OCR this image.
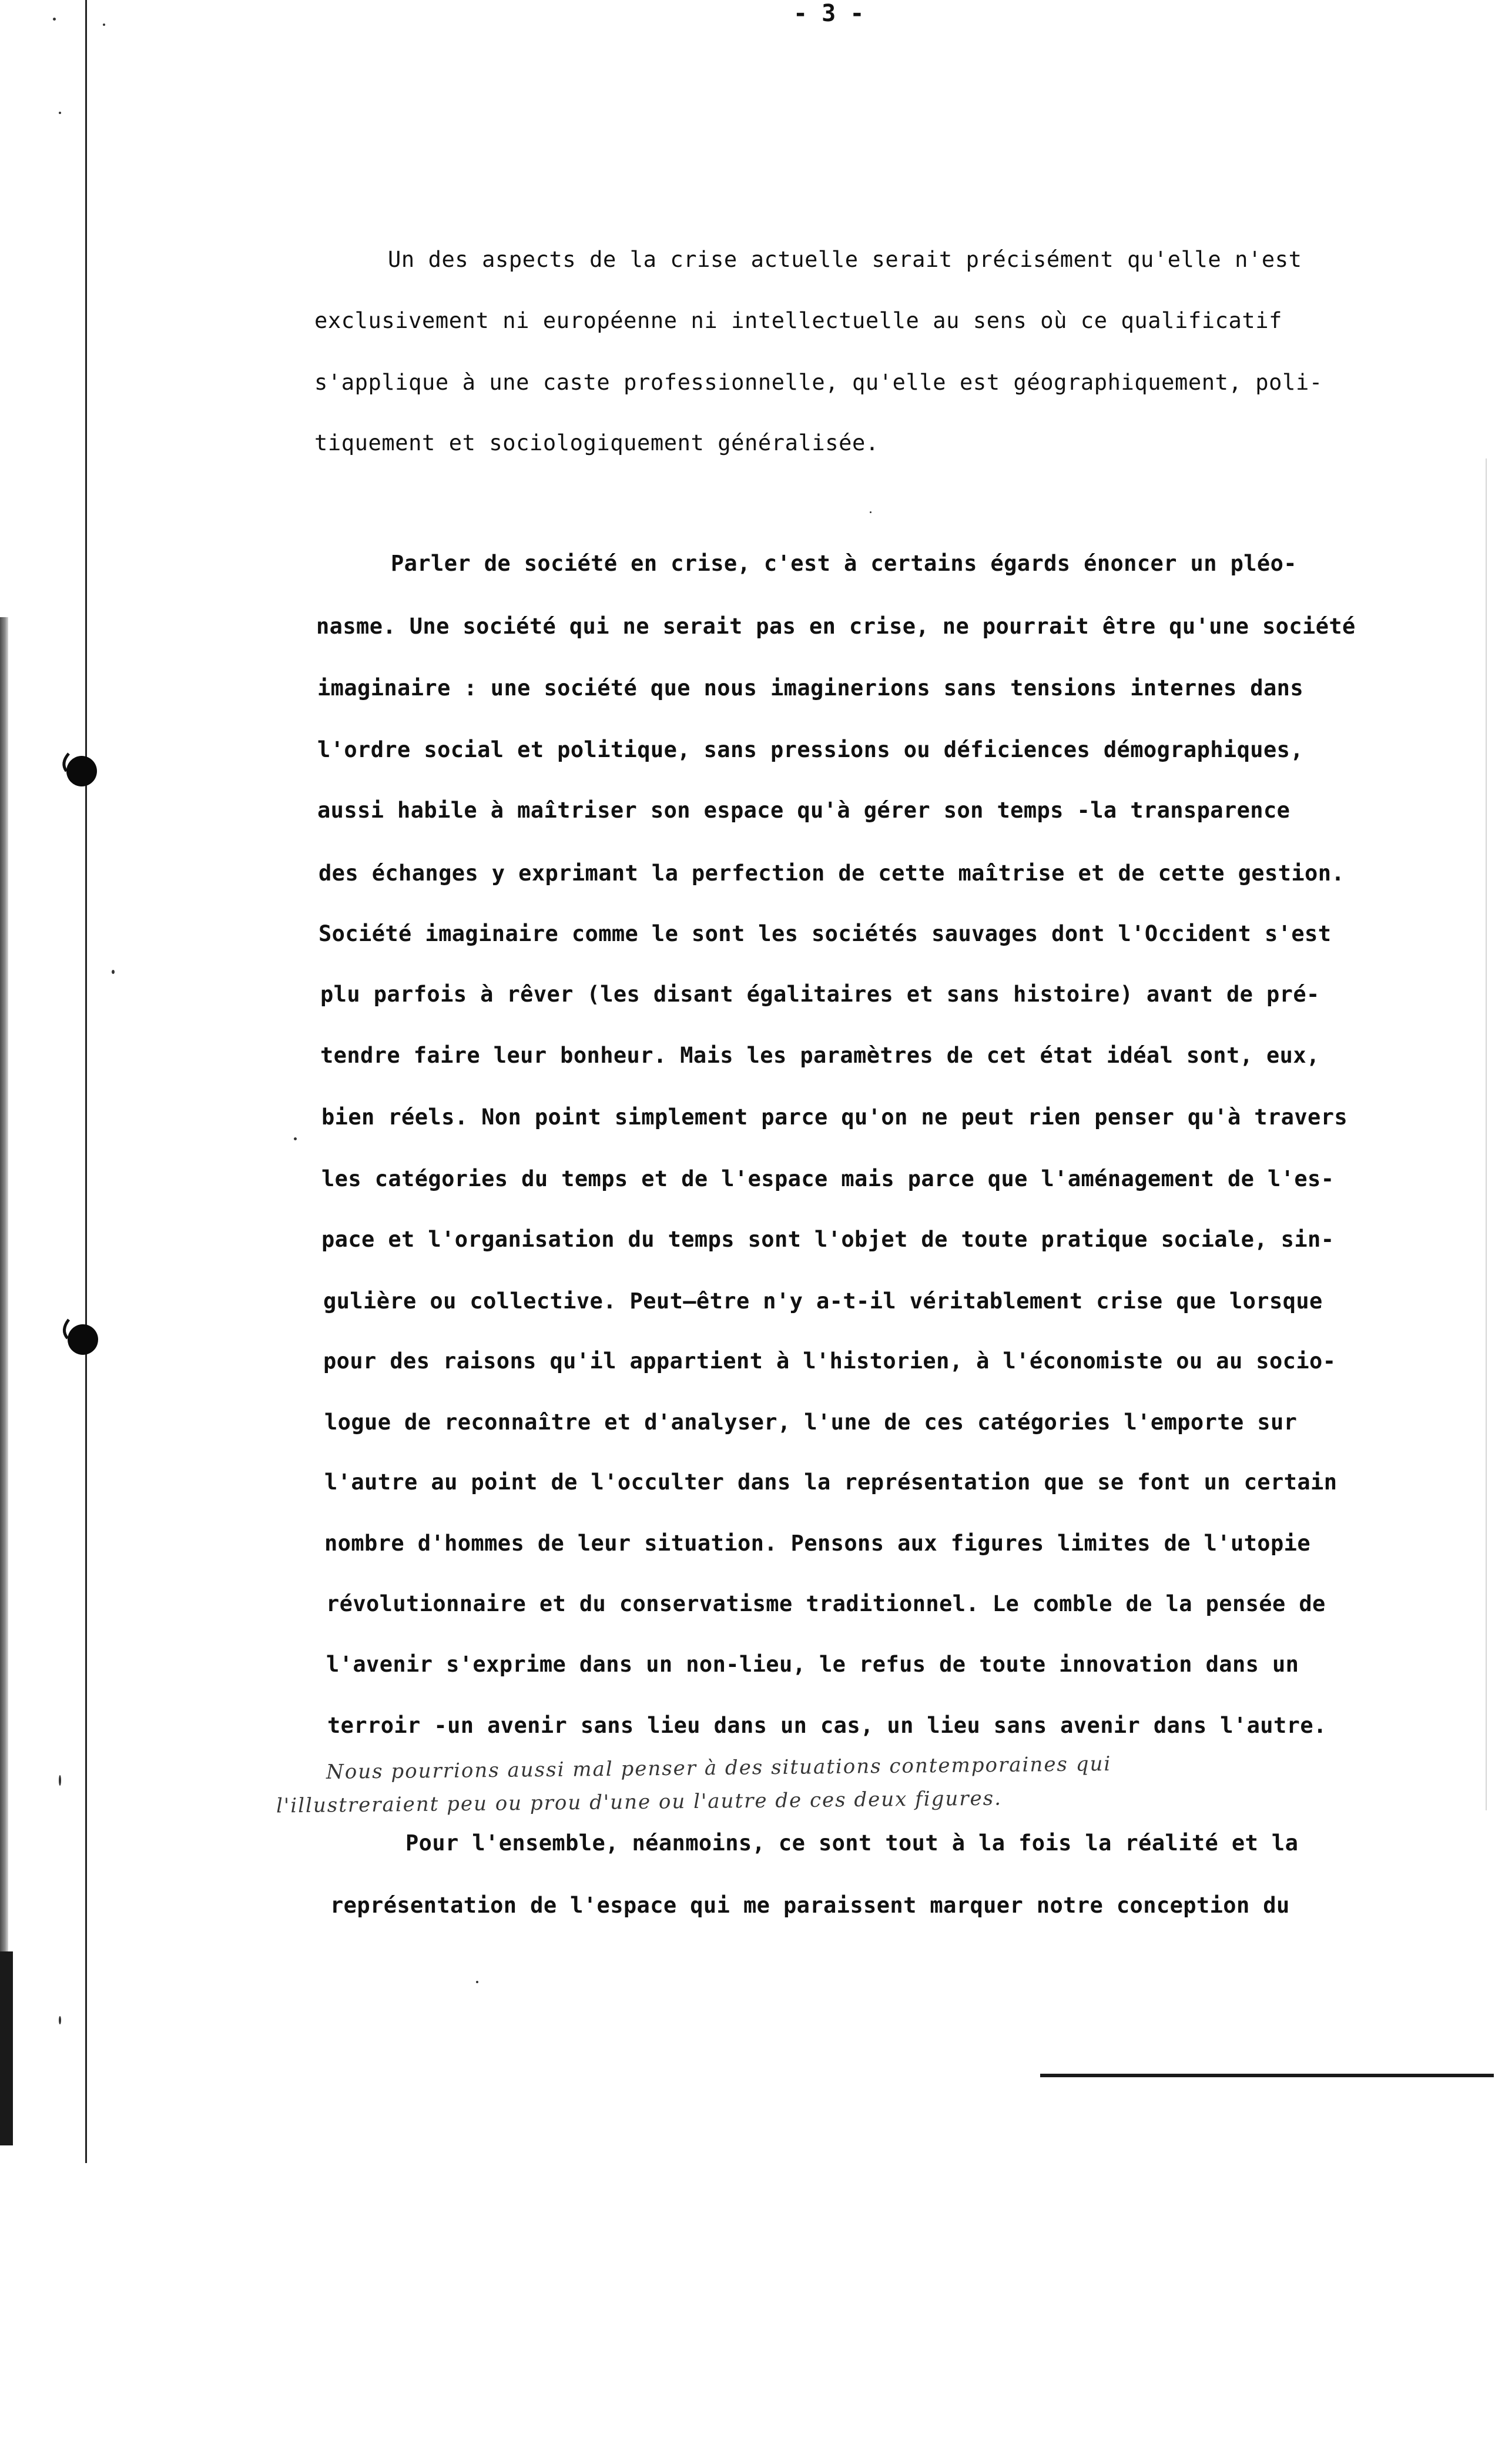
- 3 -
Un des aspects de la crise actuelle serait précisément qu'elle n'est
exclusivement ni européenne ni intellectuelle au sens où ce qualificatif
s'applique à une caste professionnelle, qu'elle est géographiquement, poli-
tiquement et sociologiquement généralisée.
Parler de société en crise, c'est à certains égards énoncer un pléo-
nasme. Une société qui ne serait pas en crise, ne pourrait être qu'une société
imaginaire : une société que nous imaginerions sans tensions internes dans
l'ordre social et politique, sans pressions ou déficiences démographiques,
aussi habile à maîtriser son espace qu'à gérer son temps -la transparence
des échanges y exprimant la perfection de cette maîtrise et de cette gestion.
Société imaginaire comme le sont les sociétés sauvages dont l'Occident s'est
plu parfois à rêver (les disant égalitaires et sans histoire) avant de pré-
tendre faire leur bonheur. Mais les paramètres de cet état idéal sont, eux,
bien réels. Non point simplement parce qu'on ne peut rien penser qu'à travers
les catégories du temps et de l'espace mais parce que l'aménagement de l'es-
pace et l'organisation du temps sont l'objet de toute pratique sociale, sin-
gulière ou collective. Peut—être n'y a-t-il véritablement crise que lorsque
pour des raisons qu'il appartient à l'historien, à l'économiste ou au socio-
logue de reconnaître et d'analyser, l'une de ces catégories l'emporte sur
l'autre au point de l'occulter dans la représentation que se font un certain
nombre d'hommes de leur situation. Pensons aux figures limites de l'utopie
révolutionnaire et du conservatisme traditionnel. Le comble de la pensée de
l'avenir s'exprime dans un non-lieu, le refus de toute innovation dans un
terroir -un avenir sans lieu dans un cas, un lieu sans avenir dans l'autre.
Nous pourrions aussi mal penser à des situations contemporaines qui
l'illustreraient peu ou prou d'une ou l'autre de ces deux figures.
Pour l'ensemble, néanmoins, ce sont tout à la fois la réalité et la
représentation de l'espace qui me paraissent marquer notre conception du
